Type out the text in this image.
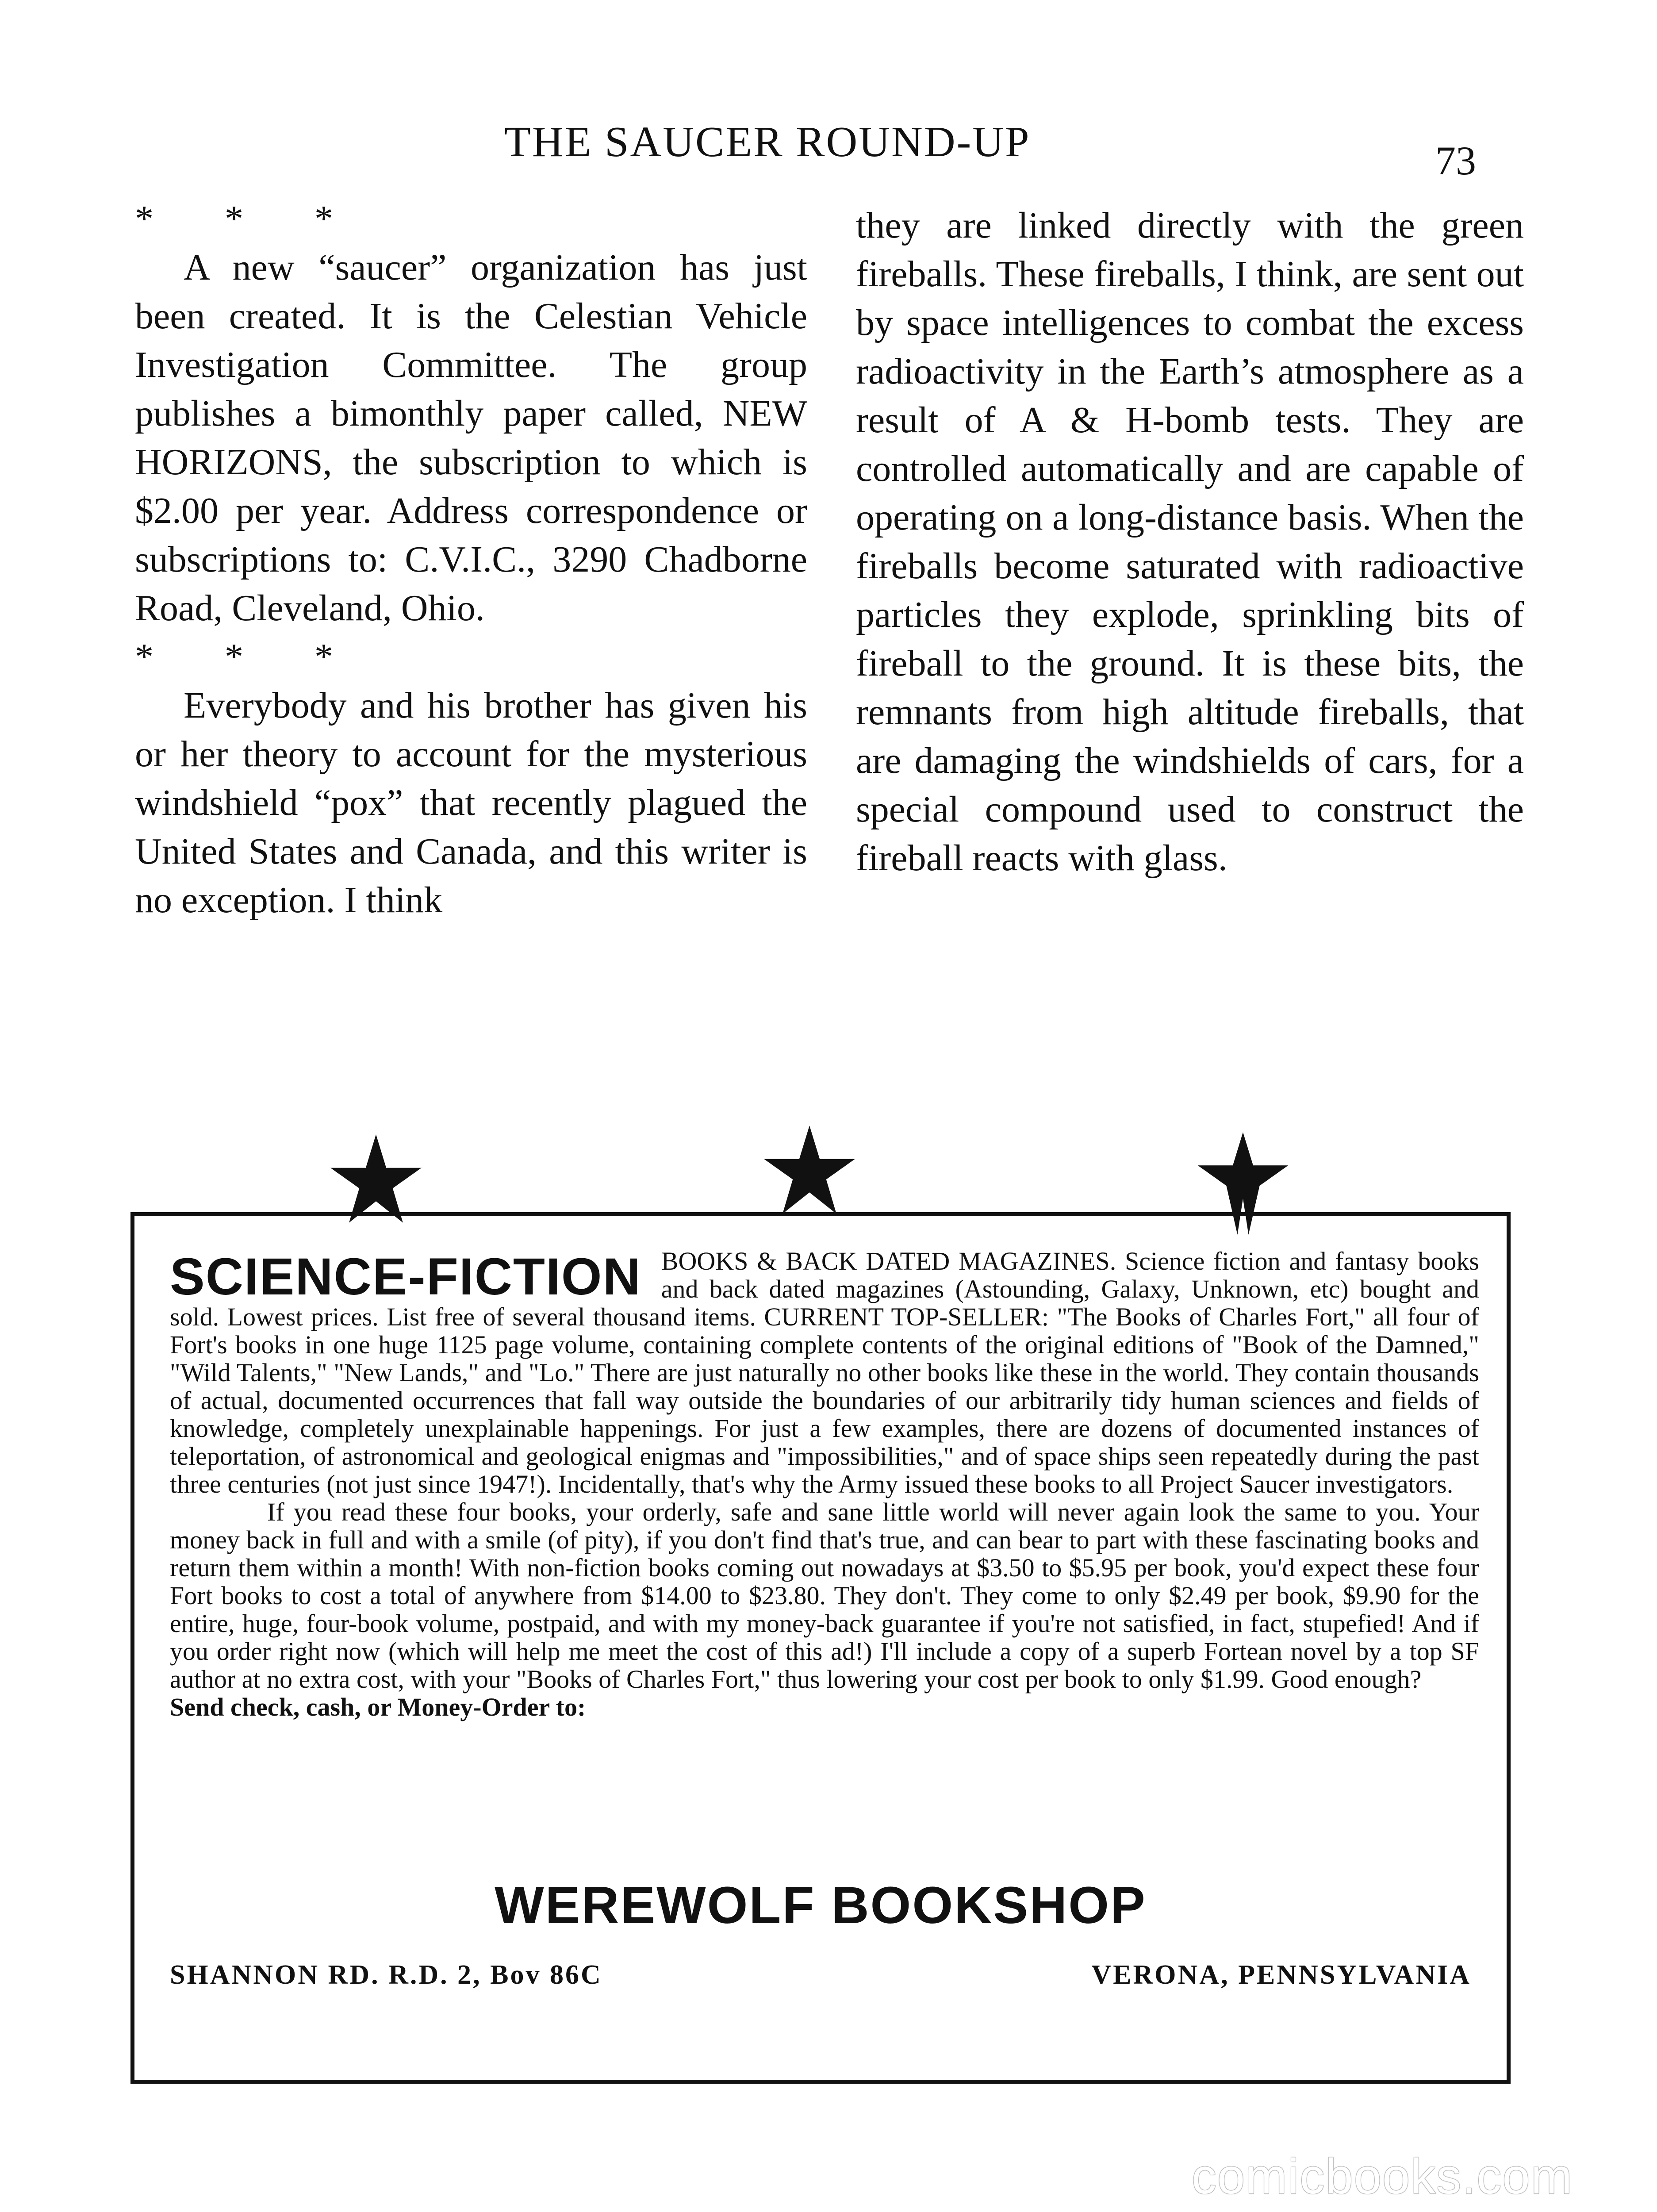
THE SAUCER ROUND-UP	73

* * *

A new “saucer” organization has just been created. It is the Celestian Vehicle Investigation Committee. The group publishes a bimonthly paper called, NEW HORIZONS, the subscription to which is $2.00 per year. Address correspondence or subscriptions to: C.V.I.C., 3290 Chadborne Road, Cleveland, Ohio.

* * *

Everybody and his brother has given his or her theory to account for the mysterious windshield “pox” that recently plagued the United States and Canada, and this writer is no exception. I think

they are linked directly with the green fireballs. These fireballs, I think, are sent out by space intelligences to combat the excess radioactivity in the Earth’s atmosphere as a result of A & H-bomb tests. They are controlled automatically and are capable of operating on a long-distance basis. When the fireballs become saturated with radioactive particles they explode, sprinkling bits of fireball to the ground. It is these bits, the remnants from high altitude fireballs, that are damaging the windshields of cars, for a special compound used to construct the fireball reacts with glass.

SCIENCE-FICTION BOOKS & BACK DATED MAGAZINES. Science fiction and fantasy books and back dated magazines (Astounding, Galaxy, Unknown, etc) bought and sold. Lowest prices. List free of several thousand items. CURRENT TOP-SELLER: "The Books of Charles Fort," all four of Fort's books in one huge 1125 page volume, containing complete contents of the original editions of "Book of the Damned," "Wild Talents," "New Lands," and "Lo." There are just naturally no other books like these in the world. They contain thousands of actual, documented occurrences that fall way outside the boundaries of our arbitrarily tidy human sciences and fields of knowledge, completely unexplainable happenings. For just a few examples, there are dozens of documented instances of teleportation, of astronomical and geological enigmas and "impossibilities," and of space ships seen repeatedly during the past three centuries (not just since 1947!). Incidentally, that's why the Army issued these books to all Project Saucer investigators.

If you read these four books, your orderly, safe and sane little world will never again look the same to you. Your money back in full and with a smile (of pity), if you don't find that's true, and can bear to part with these fascinating books and return them within a month! With non-fiction books coming out nowadays at $3.50 to $5.95 per book, you'd expect these four Fort books to cost a total of anywhere from $14.00 to $23.80. They don't. They come to only $2.49 per book, $9.90 for the entire, huge, four-book volume, postpaid, and with my money-back guarantee if you're not satisfied, in fact, stupefied! And if you order right now (which will help me meet the cost of this ad!) I'll include a copy of a superb Fortean novel by a top SF author at no extra cost, with your "Books of Charles Fort," thus lowering your cost per book to only $1.99. Good enough?

Send check, cash, or Money-Order to:

WEREWOLF BOOKSHOP
SHANNON RD. R.D. 2, Bov 86C	VERONA, PENNSYLVANIA
comicbooks.com
